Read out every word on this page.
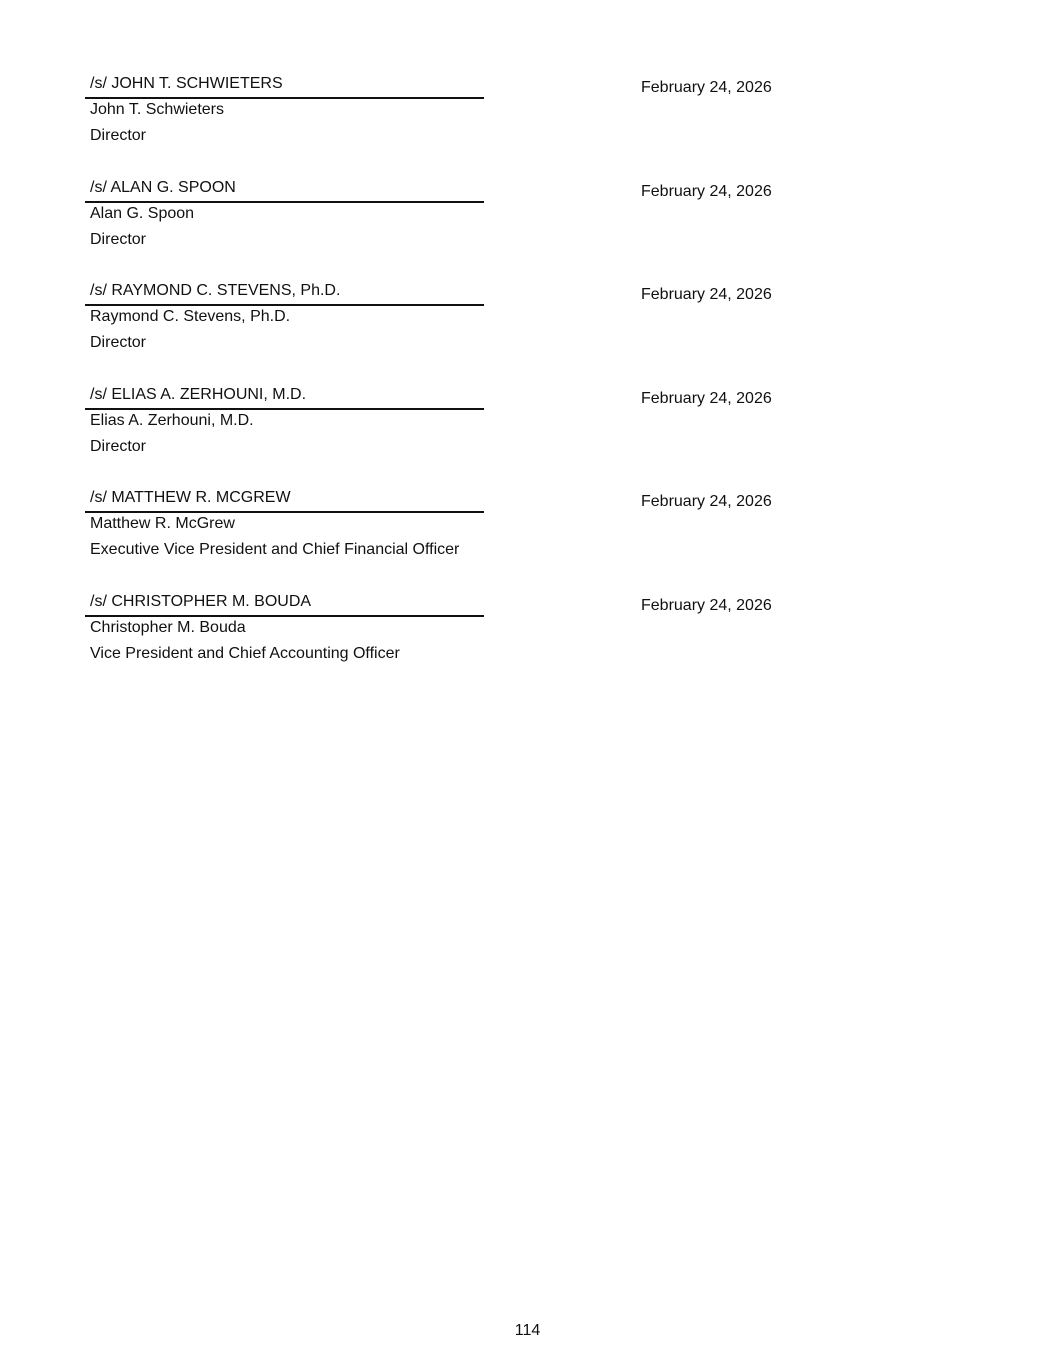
/s/ JOHN T. SCHWIETERS
John T. Schwieters
Director
February 24, 2026
/s/ ALAN G. SPOON
Alan G. Spoon
Director
February 24, 2026
/s/ RAYMOND C. STEVENS, Ph.D.
Raymond C. Stevens, Ph.D.
Director
February 24, 2026
/s/ ELIAS A. ZERHOUNI, M.D.
Elias A. Zerhouni, M.D.
Director
February 24, 2026
/s/ MATTHEW R. MCGREW
Matthew R. McGrew
Executive Vice President and Chief Financial Officer
February 24, 2026
/s/ CHRISTOPHER M. BOUDA
Christopher M. Bouda
Vice President and Chief Accounting Officer
February 24, 2026
114
